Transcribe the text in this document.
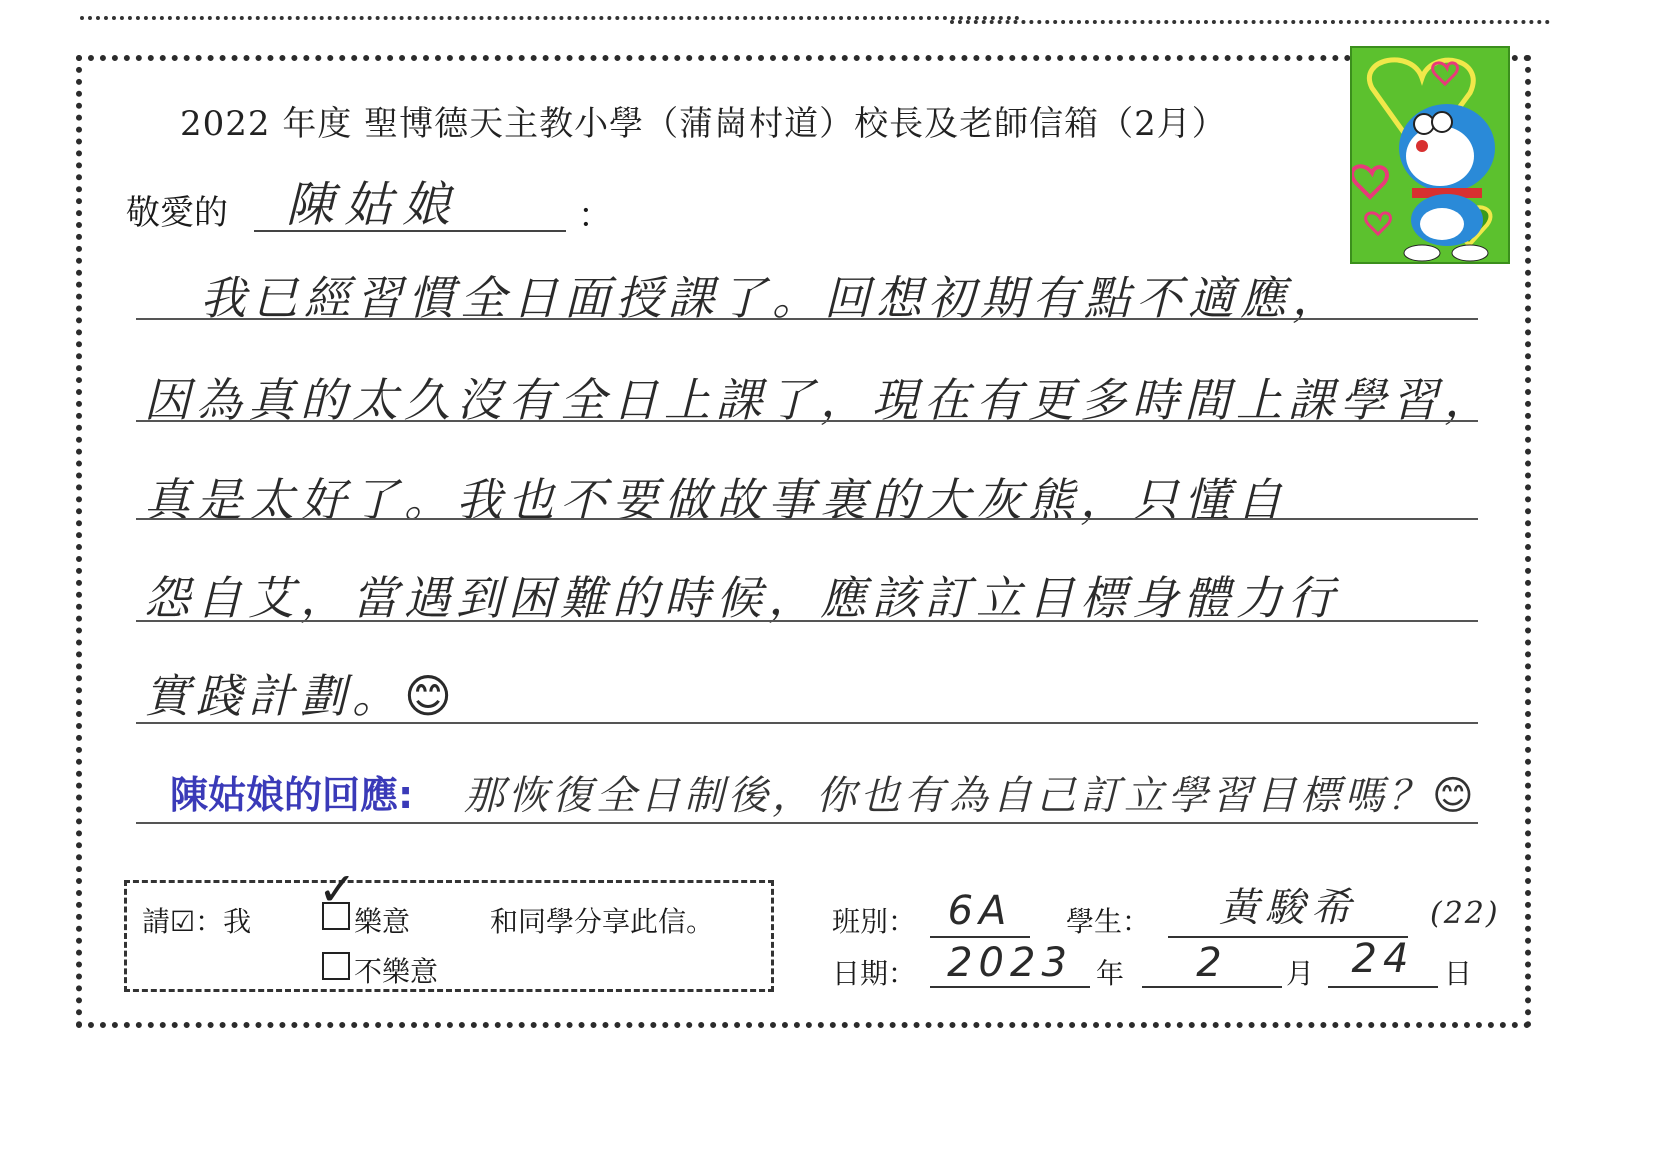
2022 年度 聖博德天主教小學（蒲崗村道）校長及老師信箱（2月）
敬愛的 陳姑娘	：
我已經習慣全日面授課了。回想初期有點不適應，
因為真的太久沒有全日上課了，現在有更多時間上課學習，
真是太好了。我也不要做故事裏的大灰熊，只懂自
怨自艾，當遇到困難的時候，應該訂立目標身體力行
實踐計劃。😊
陳姑娘的回應: 那恢復全日制後，你也有為自己訂立學習目標嗎？😊
請☑：我
✓
樂意	和同學分享此信。
不樂意
班別： 6A	學生：	黃駿希	(22)
日期： 2023 年	2	月 24	日
